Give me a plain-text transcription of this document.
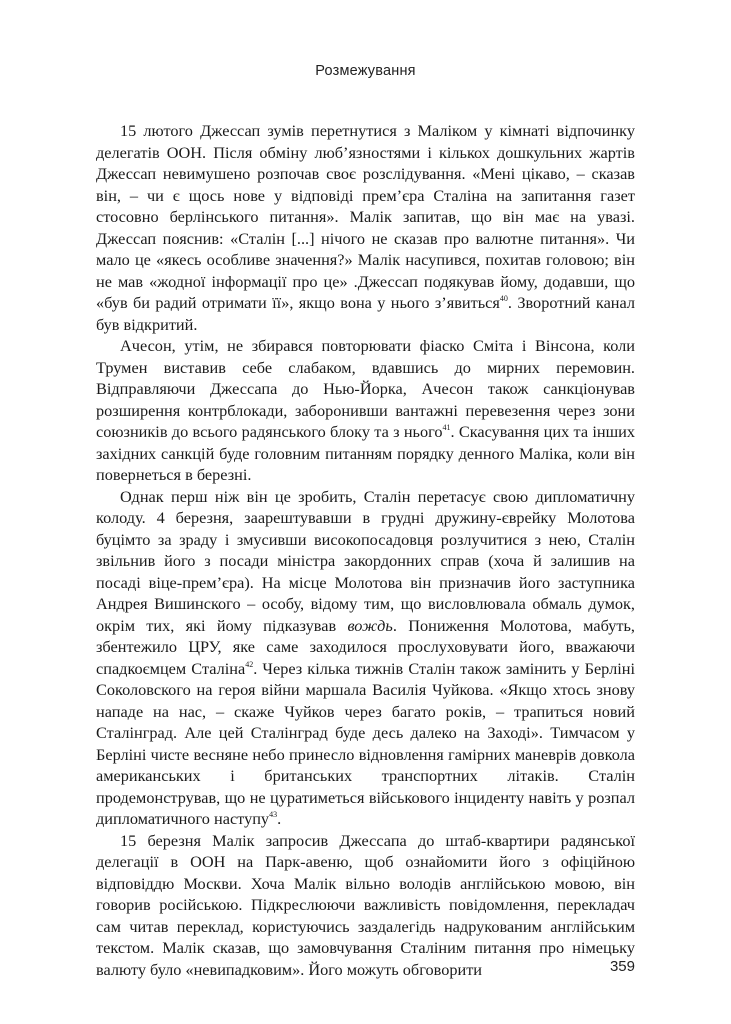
Розмежування

15 лютого Джессап зумів перетнутися з Маліком у кімнаті відпочинку делегатів ООН. Після обміну люб’язностями і кількох дошкульних жартів Джессап невимушено розпочав своє розслідування. «Мені цікаво, – сказав він, – чи є щось нове у відповіді прем’єра Сталіна на запитання газет стосовно берлінського питання». Малік запитав, що він має на увазі. Джессап пояснив: «Сталін [...] нічого не сказав про валютне питання». Чи мало це «якесь особливе значення?» Малік насупився, похитав головою; він не мав «жодної інформації про це» .Джессап подякував йому, додавши, що «був би радий отримати її», якщо вона у нього з’явиться$^{40}$. Зворотний канал був відкритий.

Ачесон, утім, не збирався повторювати фіаско Сміта і Вінсона, коли Трумен виставив себе слабаком, вдавшись до мирних перемовин. Відправляючи Джессапа до Нью-Йорка, Ачесон також санкціонував розширення контрблокади, заборонивши вантажні перевезення через зони союзників до всього радянського блоку та з нього$^{41}$. Скасування цих та інших західних санкцій буде головним питанням порядку денного Маліка, коли він повернеться в березні.

Однак перш ніж він це зробить, Сталін перетасує свою дипломатичну колоду. 4 березня, заарештувавши в грудні дружину-єврейку Молотова буцімто за зраду і змусивши високопосадовця розлучитися з нею, Сталін звільнив його з посади міністра закордонних справ (хоча й залишив на посаді віце-прем’єра). На місце Молотова він призначив його заступника Андрея Вишинского – особу, відому тим, що висловлювала обмаль думок, окрім тих, які йому підказував вождь. Пониження Молотова, мабуть, збентежило ЦРУ, яке саме заходилося прослуховувати його, вважаючи спадкоємцем Сталіна$^{42}$. Через кілька тижнів Сталін також замінить у Берліні Соколовского на героя війни маршала Василія Чуйкова. «Якщо хтось знову нападе на нас, – скаже Чуйков через багато років, – трапиться новий Сталінград. Але цей Сталінград буде десь далеко на Заході». Тимчасом у Берліні чисте весняне небо принесло відновлення гамірних маневрів довкола американських і британських транспортних літаків. Сталін продемонстрував, що не цуратиметься військового інциденту навіть у розпал дипломатичного наступу$^{43}$.

15 березня Малік запросив Джессапа до штаб-квартири радянської делегації в ООН на Парк-авеню, щоб ознайомити його з офіційною відповіддю Москви. Хоча Малік вільно володів англійською мовою, він говорив російською. Підкреслюючи важливість повідомлення, перекладач сам читав переклад, користуючись заздалегідь надрукованим англійським текстом. Малік сказав, що замовчування Сталіним питання про німецьку валюту було «невипадковим». Його можуть обговорити	359
